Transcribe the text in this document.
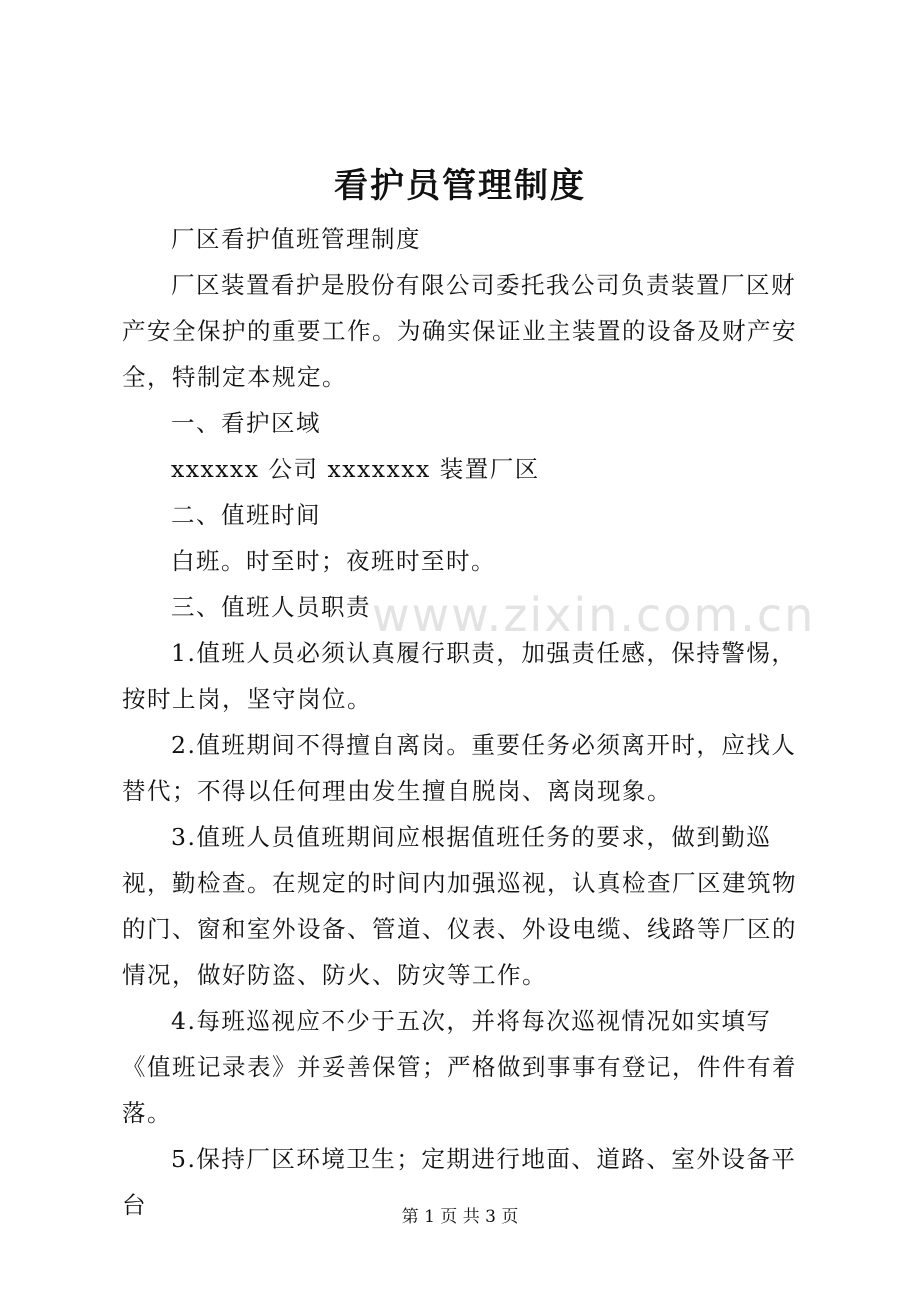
看护员管理制度

厂区看护值班管理制度

厂区装置看护是股份有限公司委托我公司负责装置厂区财产安全保护的重要工作。为确实保证业主装置的设备及财产安全，特制定本规定。

一、看护区域

xxxxxx 公司 xxxxxxx 装置厂区

二、值班时间

白班。时至时；夜班时至时。

三、值班人员职责

1.值班人员必须认真履行职责，加强责任感，保持警惕，按时上岗，坚守岗位。

2.值班期间不得擅自离岗。重要任务必须离开时，应找人替代；不得以任何理由发生擅自脱岗、离岗现象。

3.值班人员值班期间应根据值班任务的要求，做到勤巡视，勤检查。在规定的时间内加强巡视，认真检查厂区建筑物的门、窗和室外设备、管道、仪表、外设电缆、线路等厂区的情况，做好防盗、防火、防灾等工作。

4.每班巡视应不少于五次，并将每次巡视情况如实填写《值班记录表》并妥善保管；严格做到事事有登记，件件有着落。

5.保持厂区环境卫生；定期进行地面、道路、室外设备平台

www.zixin.com.cn
第 1 页 共 3 页
